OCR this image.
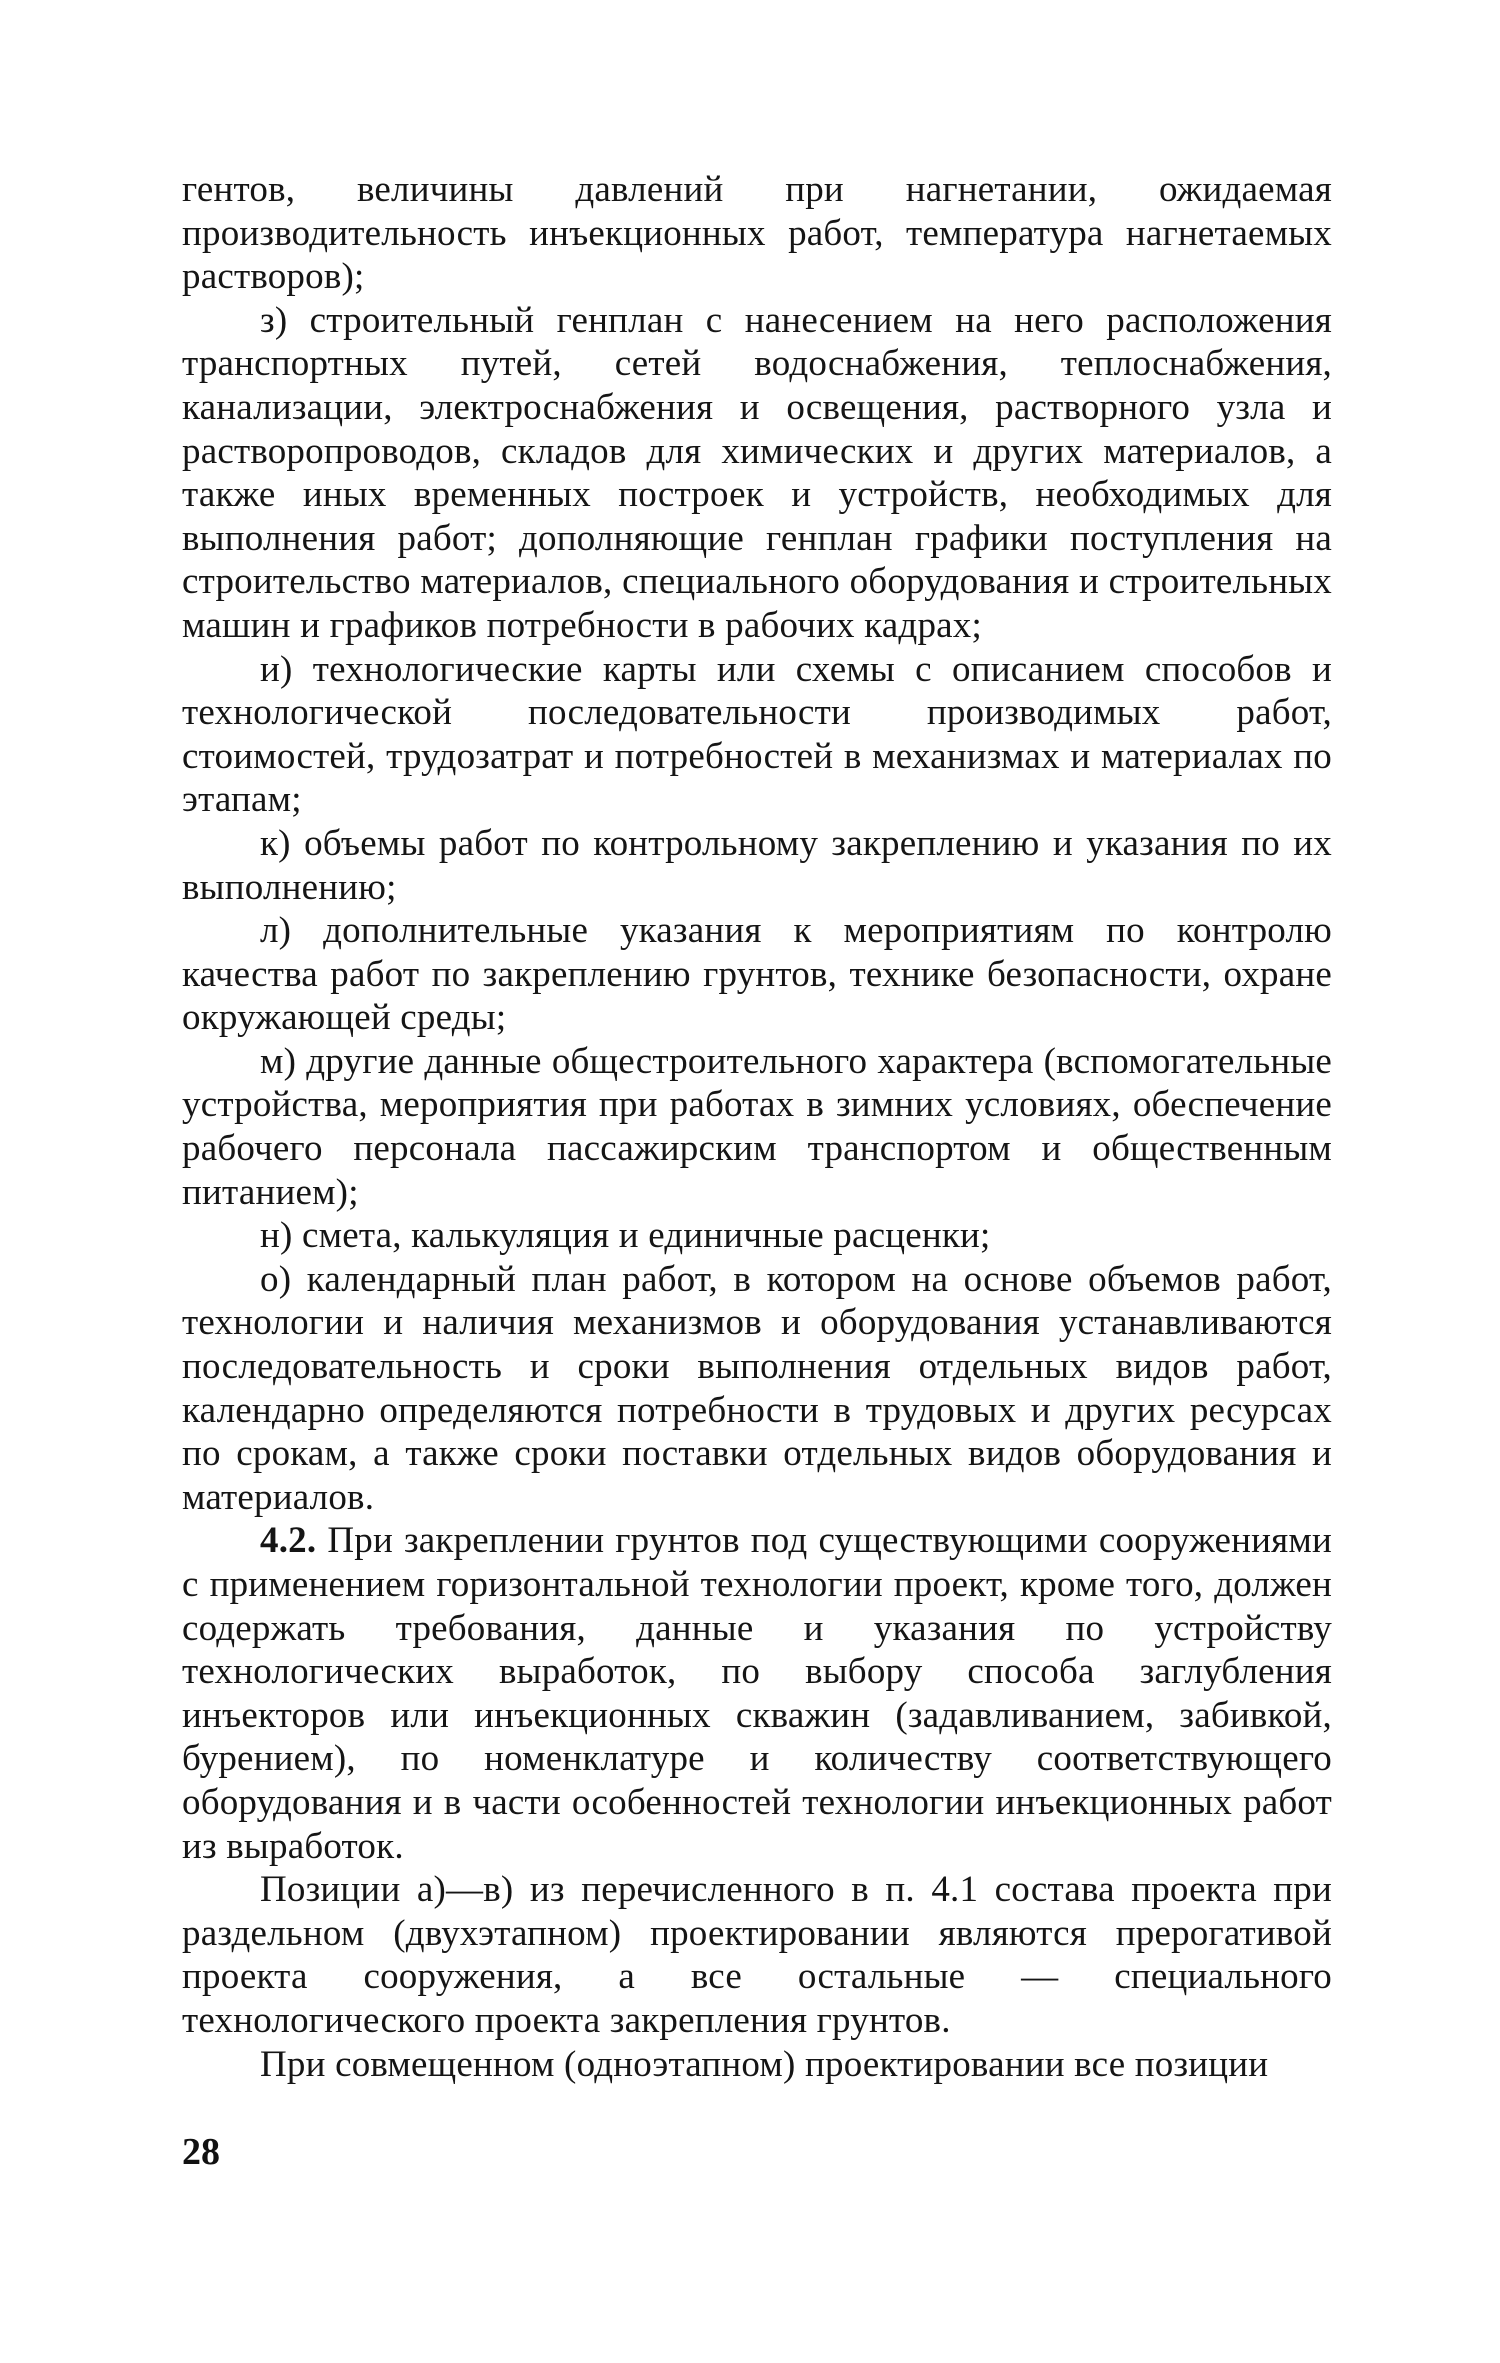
гентов, величины давлений при нагнетании, ожидаемая производительность инъекционных работ, температура нагнетаемых растворов);

з) строительный генплан с нанесением на него расположения транспортных путей, сетей водоснабжения, теплоснабжения, канализации, электроснабжения и освещения, растворного узла и растворопроводов, складов для химических и других материалов, а также иных временных построек и устройств, необходимых для выполнения работ; дополняющие генплан графики поступления на строительство материалов, специального оборудования и строительных машин и графиков потребности в рабочих кадрах;

и) технологические карты или схемы с описанием способов и технологической последовательности производимых работ, стоимостей, трудозатрат и потребностей в механизмах и материалах по этапам;

к) объемы работ по контрольному закреплению и указания по их выполнению;

л) дополнительные указания к мероприятиям по контролю качества работ по закреплению грунтов, технике безопасности, охране окружающей среды;

м) другие данные общестроительного характера (вспомогательные устройства, мероприятия при работах в зимних условиях, обеспечение рабочего персонала пассажирским транспортом и общественным питанием);

н) смета, калькуляция и единичные расценки;

о) календарный план работ, в котором на основе объемов работ, технологии и наличия механизмов и оборудования устанавливаются последовательность и сроки выполнения отдельных видов работ, календарно определяются потребности в трудовых и других ресурсах по срокам, а также сроки поставки отдельных видов оборудования и материалов.

4.2. При закреплении грунтов под существующими сооружениями с применением горизонтальной технологии проект, кроме того, должен содержать требования, данные и указания по устройству технологических выработок, по выбору способа заглубления инъекторов или инъекционных скважин (задавливанием, забивкой, бурением), по номенклатуре и количеству соответствующего оборудования и в части особенностей технологии инъекционных работ из выработок.

Позиции а)—в) из перечисленного в п. 4.1 состава проекта при раздельном (двухэтапном) проектировании являются прерогативой проекта сооружения, а все остальные — специального технологического проекта закрепления грунтов.

При совмещенном (одноэтапном) проектировании все позиции

28
